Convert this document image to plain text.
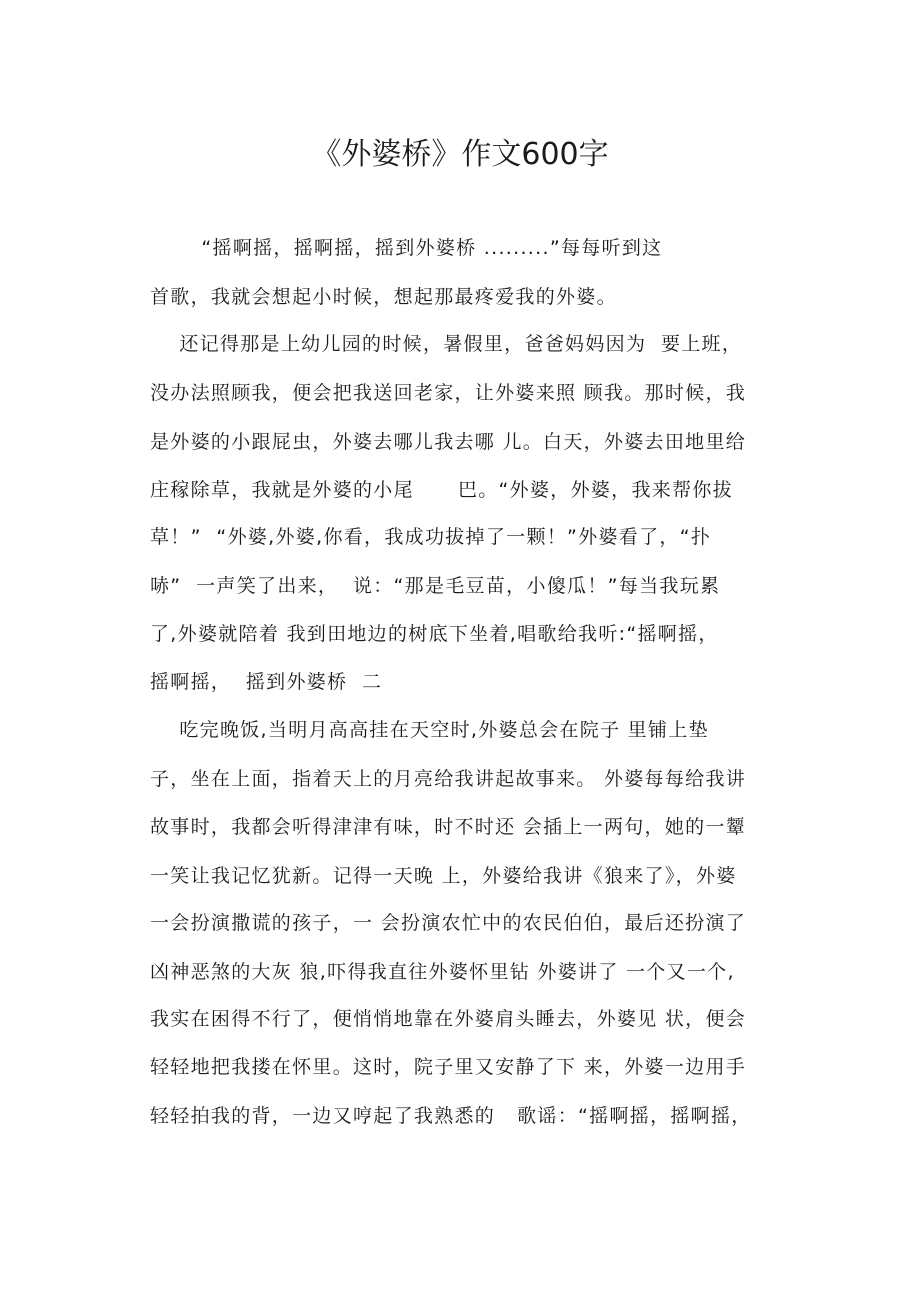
《外婆桥》作文600字
“摇啊摇，摇啊摇，摇到外婆桥 .........”每每听到这
首歌，我就会想起小时候，想起那最疼爱我的外婆。
还记得那是上幼儿园的时候，暑假里，爸爸妈妈因为  要上班，
没办法照顾我，便会把我送回老家，让外婆来照 顾我。那时候，我
是外婆的小跟屁虫，外婆去哪儿我去哪 儿。白天，外婆去田地里给
庄稼除草，我就是外婆的小尾      巴。“外婆，外婆，我来帮你拔
草！”  “外婆,外婆,你看，我成功拔掉了一颗！”外婆看了，“扑
哧”  一声笑了出来，  说：“那是毛豆苗，小傻瓜！”每当我玩累
了,外婆就陪着 我到田地边的树底下坐着,唱歌给我听:“摇啊摇，
摇啊摇，  摇到外婆桥  二
吃完晚饭,当明月高高挂在天空时,外婆总会在院子 里铺上垫
子，坐在上面，指着天上的月亮给我讲起故事来。 外婆每每给我讲
故事时，我都会听得津津有味，时不时还 会插上一两句，她的一颦
一笑让我记忆犹新。记得一天晚 上，外婆给我讲《狼来了》，外婆
一会扮演撒谎的孩子，一 会扮演农忙中的农民伯伯，最后还扮演了
凶神恶煞的大灰 狼,吓得我直往外婆怀里钻 外婆讲了 一个又一个,
我实在困得不行了，便悄悄地靠在外婆肩头睡去，外婆见 状，便会
轻轻地把我搂在怀里。这时，院子里又安静了下 来，外婆一边用手
轻轻拍我的背，一边又哼起了我熟悉的   歌谣：“摇啊摇，摇啊摇，
